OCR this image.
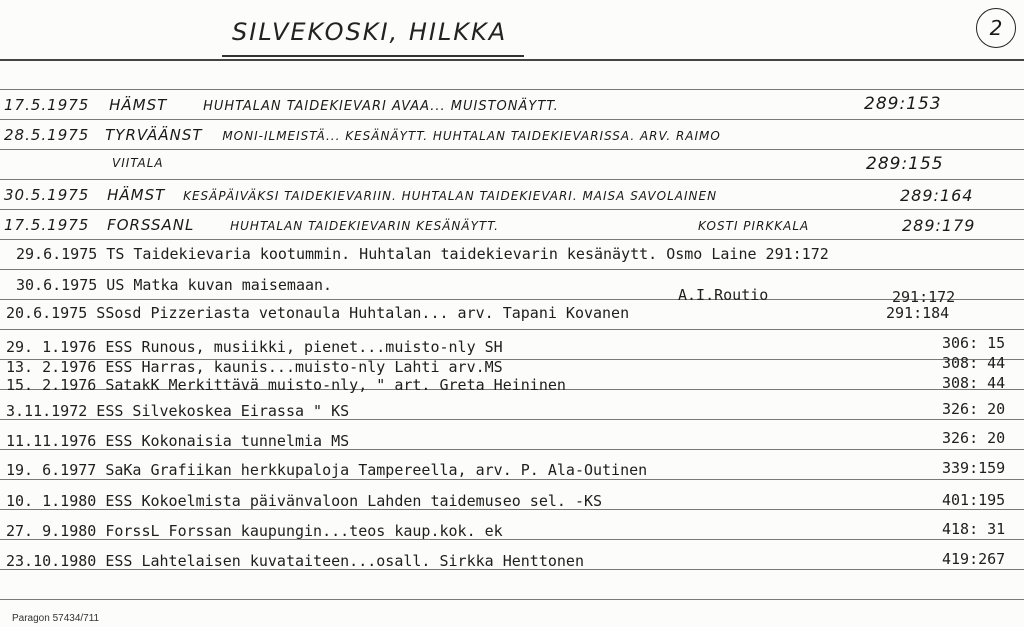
SILVEKOSKI, HILKKA	2
17.5.1975 HÄMST	HUHTALAN TAIDEKIEVARI AVAA... MUISTONÄYTT.	289:153
28.5.1975 TYRVÄÄNST MONI-ILMEISTÄ... KESÄNÄYTT. HUHTALAN TAIDEKIEVARISSA. ARV. RAIMO
VIITALA	289:155
30.5.1975 HÄMST KESÄPÄIVÄKSI TAIDEKIEVARIIN. HUHTALAN TAIDEKIEVARI. MAISA SAVOLAINEN	289:164
17.5.1975 FORSSANL	HUHTALAN TAIDEKIEVARIN KESÄNÄYTT.	KOSTI PIRKKALA	289:179
29.6.1975 TS Taidekievaria kootummin. Huhtalan taidekievarin kesänäytt. Osmo Laine 291:172
30.6.1975 US Matka kuvan maisemaan.
A.I.Routio	291:172
20.6.1975 SSosd Pizzeriasta vetonaula Huhtalan... arv. Tapani Kovanen	291:184
29. 1.1976 ESS Runous, musiikki, pienet...muisto-nly SH	306: 15
13. 2.1976 ESS Harras, kaunis...muisto-nly Lahti arv.MS	308: 44
15. 2.1976 SatakK Merkittävä muisto-nly, " art. Greta Heininen	308: 44
3.11.1972 ESS Silvekoskea Eirassa " KS	326: 20
11.11.1976 ESS Kokonaisia tunnelmia MS	326: 20
19. 6.1977 SaKa Grafiikan herkkupaloja Tampereella, arv. P. Ala-Outinen	339:159
10. 1.1980 ESS Kokoelmista päivänvaloon Lahden taidemuseo sel. -KS	401:195
27. 9.1980 ForssL Forssan kaupungin...teos kaup.kok. ek	418: 31
23.10.1980 ESS Lahtelaisen kuvataiteen...osall. Sirkka Henttonen	419:267
Paragon 57434/711
